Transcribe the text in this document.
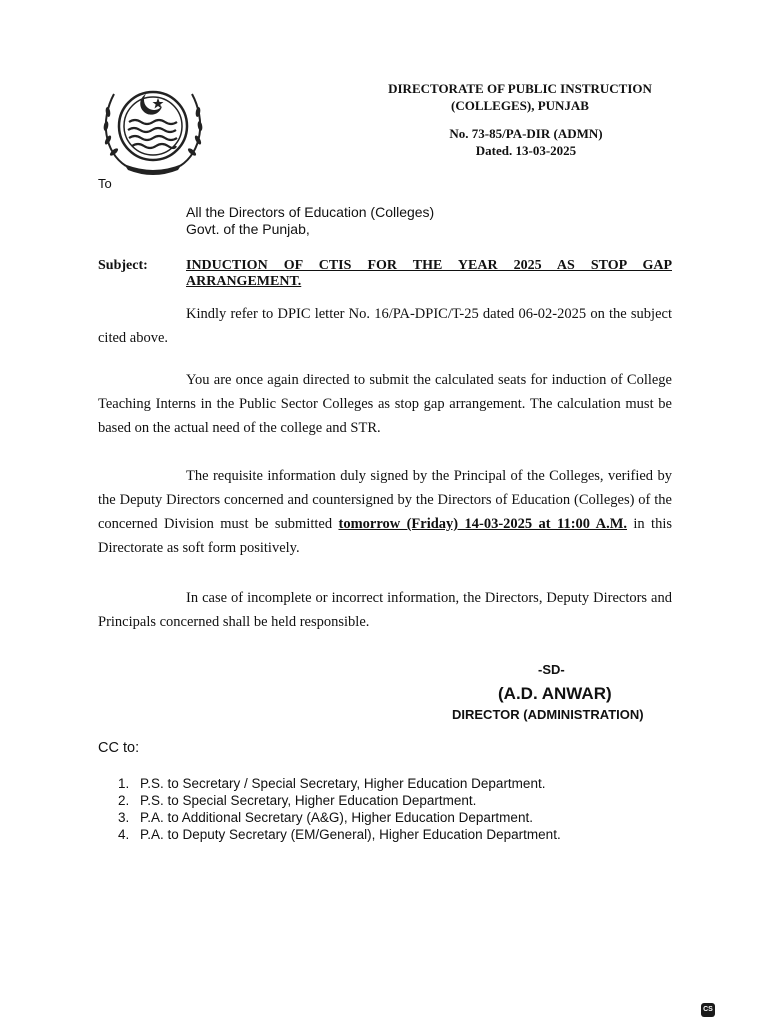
DIRECTORATE OF PUBLIC INSTRUCTION
(COLLEGES), PUNJAB
No. 73-85/PA-DIR (ADMN)
Dated. 13-03-2025
To
All the Directors of Education (Colleges)
Govt. of the Punjab,
Subject:	INDUCTION OF CTIS FOR THE YEAR 2025 AS STOP GAP ARRANGEMENT.

Kindly refer to DPIC letter No. 16/PA-DPIC/T-25 dated 06-02-2025 on the subject cited above.

You are once again directed to submit the calculated seats for induction of College Teaching Interns in the Public Sector Colleges as stop gap arrangement. The calculation must be based on the actual need of the college and STR.

The requisite information duly signed by the Principal of the Colleges, verified by the Deputy Directors concerned and countersigned by the Directors of Education (Colleges) of the concerned Division must be submitted tomorrow (Friday) 14-03-2025 at 11:00 A.M. in this Directorate as soft form positively.

In case of incomplete or incorrect information, the Directors, Deputy Directors and Principals concerned shall be held responsible.

-SD-
(A.D. ANWAR)
DIRECTOR (ADMINISTRATION)
CC to:
1. P.S. to Secretary / Special Secretary, Higher Education Department.
2. P.S. to Special Secretary, Higher Education Department.
3. P.A. to Additional Secretary (A&G), Higher Education Department.
4. P.A. to Deputy Secretary (EM/General), Higher Education Department.
CS
